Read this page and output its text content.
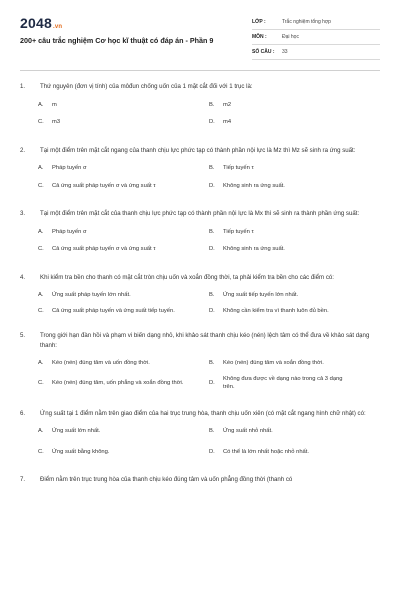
2048.vn
200+ câu trắc nghiệm Cơ học kĩ thuật có đáp án - Phần 9
LỚP :	Trắc nghiệm tổng hợp
MÔN :	Đại học
SỐ CÂU :	33
1. Thứ nguyên (đơn vị tính) của môđun chống uốn của 1 mặt cắt đối với 1 trục là:
A. m	B. m2
C. m3	D. m4
2. Tại một điểm trên mặt cắt ngang của thanh chịu lực phức tạp có thành phần nội lực là Mz thì Mz sẽ sinh ra ứng suất:
A. Pháp tuyến σ	B. Tiếp tuyến τ
C. Cả ứng suất pháp tuyến σ và ứng suất τ	D. Không sinh ra ứng suất.
3. Tại một điểm trên mặt cắt của thanh chịu lực phức tạp có thành phần nội lực là Mx thì sẽ sinh ra thành phần ứng suất:
A. Pháp tuyến σ	B. Tiếp tuyến τ
C. Cả ứng suất pháp tuyến σ và ứng suất τ	D. Không sinh ra ứng suất.
4. Khi kiểm tra bền cho thanh có mặt cắt tròn chịu uốn và xoắn đồng thời, ta phải kiểm tra bền cho các điểm có:
A. Ứng suất pháp tuyến lớn nhất.	B. Ứng suất tiếp tuyến lớn nhất.
C. Cả ứng suất pháp tuyến và ứng suất tiếp tuyến.	D. Không cần kiểm tra vì thanh luôn đủ bền.
5. Trong giới hạn đàn hồi và phạm vi biến dạng nhỏ, khi khảo sát thanh chịu kéo (nén) lệch tâm có thể đưa về khảo sát dạng thanh:
A. Kéo (nén) đúng tâm và uốn đồng thời.	B. Kéo (nén) đúng tâm và xoắn đồng thời.
C. Kéo (nén) đúng tâm, uốn phẳng và xoắn đồng thời.	D.
Không đưa được về dạng nào trong cả 3 dạng trên.
6. Ứng suất tại 1 điểm nằm trên giao điểm của hai trục trung hòa, thanh chịu uốn xiên (có mặt cắt ngang hình chữ nhật) có:
A. Ứng suất lớn nhất.	B. Ứng suất nhỏ nhất.
C. Ứng suất bằng không.	D. Có thể là lớn nhất hoặc nhỏ nhất.
7. Điểm nằm trên trục trung hòa của thanh chịu kéo đúng tâm và uốn phẳng đồng thời (thanh có
